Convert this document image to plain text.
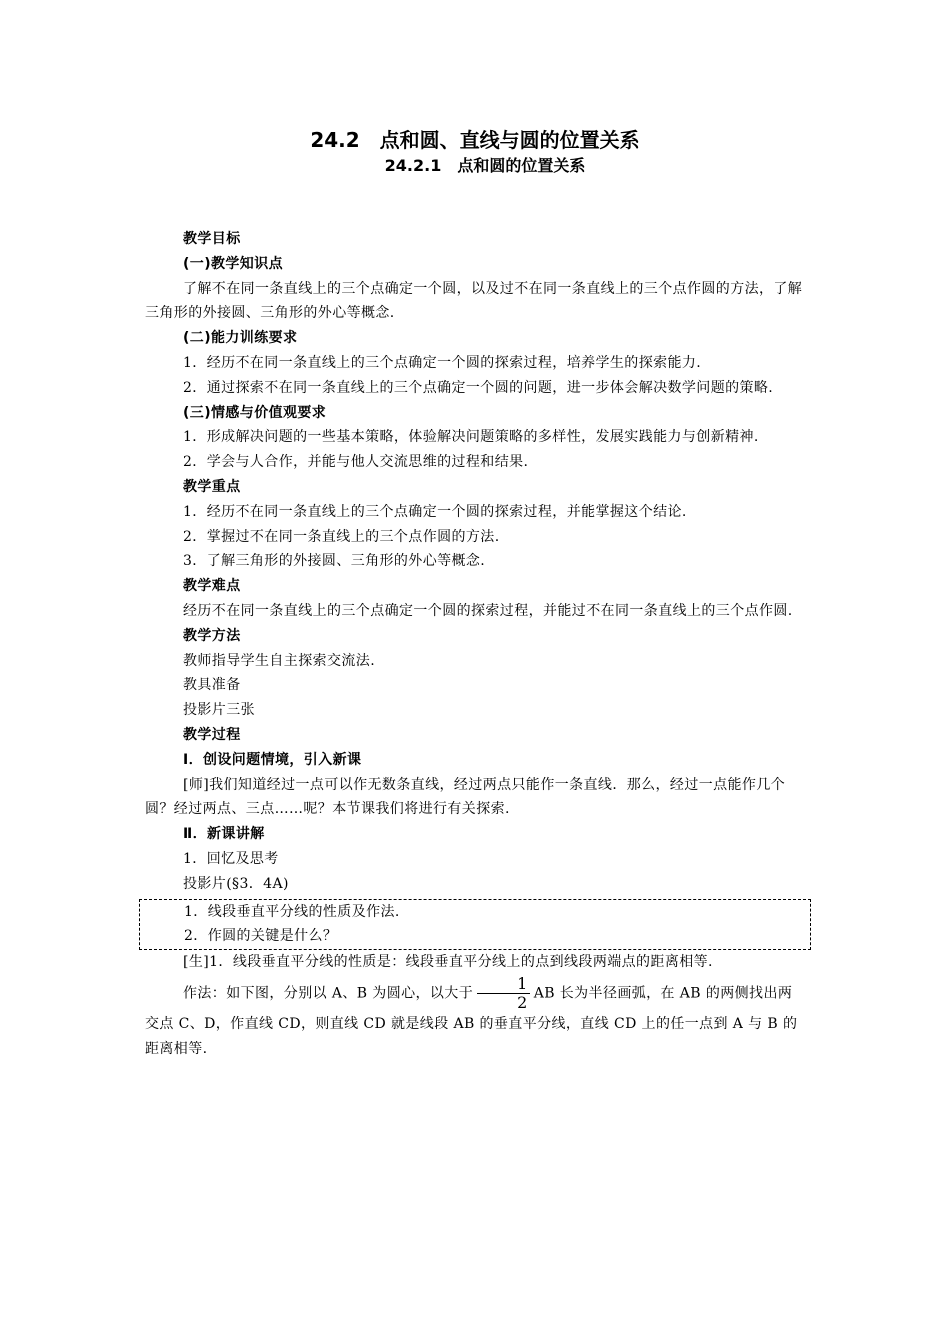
24.2　点和圆、直线与圆的位置关系
24.2.1　点和圆的位置关系

教学目标

(一)教学知识点

了解不在同一条直线上的三个点确定一个圆，以及过不在同一条直线上的三个点作圆的方法，了解三角形的外接圆、三角形的外心等概念.

(二)能力训练要求

1．经历不在同一条直线上的三个点确定一个圆的探索过程，培养学生的探索能力.

2．通过探索不在同一条直线上的三个点确定一个圆的问题，进一步体会解决数学问题的策略.

(三)情感与价值观要求

1．形成解决问题的一些基本策略，体验解决问题策略的多样性，发展实践能力与创新精神.

2．学会与人合作，并能与他人交流思维的过程和结果.

教学重点

1．经历不在同一条直线上的三个点确定一个圆的探索过程，并能掌握这个结论.

2．掌握过不在同一条直线上的三个点作圆的方法.

3．了解三角形的外接圆、三角形的外心等概念.

教学难点

经历不在同一条直线上的三个点确定一个圆的探索过程，并能过不在同一条直线上的三个点作圆.

教学方法

教师指导学生自主探索交流法.

教具准备

投影片三张

教学过程

Ⅰ．创设问题情境，引入新课

[师]我们知道经过一点可以作无数条直线，经过两点只能作一条直线．那么，经过一点能作几个圆？经过两点、三点……呢？本节课我们将进行有关探索.

Ⅱ．新课讲解

1．回忆及思考

投影片(§3．4A)

1．线段垂直平分线的性质及作法.

2．作圆的关键是什么？

[生]1．线段垂直平分线的性质是：线段垂直平分线上的点到线段两端点的距离相等.

作法：如下图，分别以 A、B 为圆心，以大于 $\frac{1}{2}$ AB 长为半径画弧，在 AB 的两侧找出两交点 C、D，作直线 CD，则直线 CD 就是线段 AB 的垂直平分线，直线 CD 上的任一点到 A 与 B 的距离相等.
